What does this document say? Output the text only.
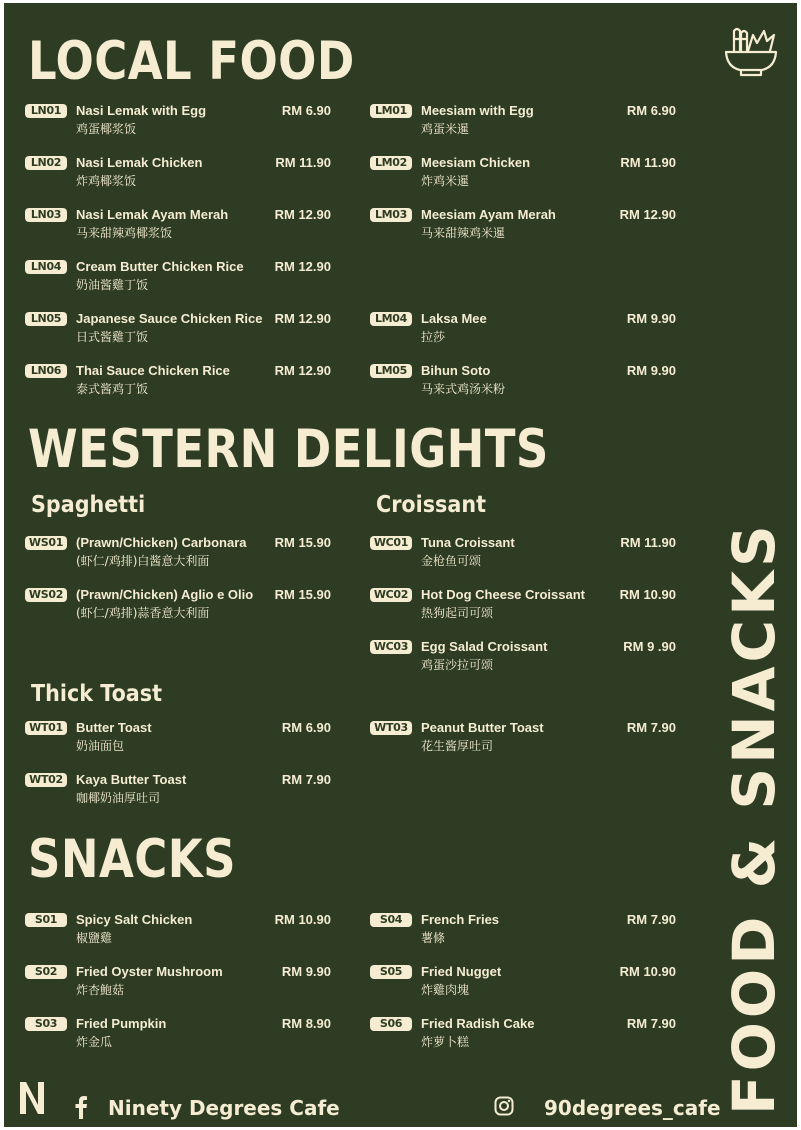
LOCAL FOOD
LN01	Nasi Lemak with Egg	RM 6.90
鸡蛋椰浆饭
LN02	Nasi Lemak Chicken	RM 11.90
炸鸡椰浆饭
LN03	Nasi Lemak Ayam Merah	RM 12.90
马来甜辣鸡椰浆饭
LN04	Cream Butter Chicken Rice RM 12.90
奶油酱雞丁饭
LN05	Japanese Sauce Chicken Rice RM 12.90
日式酱雞丁饭
LN06	Thai Sauce Chicken Rice	RM 12.90
泰式酱鸡丁饭
LM01	Meesiam with Egg	RM 6.90
鸡蛋米暹
LM02	Meesiam Chicken	RM 11.90
炸鸡米暹
LM03	Meesiam Ayam Merah	RM 12.90
马来甜辣鸡米暹
LM04	Laksa Mee	RM 9.90
拉莎
LM05	Bihun Soto	RM 9.90
马来式鸡汤米粉
WESTERN DELIGHTS
Spaghetti	Croissant
WS01 (Prawn/Chicken) Carbonara RM 15.90
(虾仁/鸡排)白酱意大利面
WS02 (Prawn/Chicken) Aglio e Olio RM 15.90
(虾仁/鸡排)蒜香意大利面
WC01 Tuna Croissant	RM 11.90
金枪鱼可颂
WC02 Hot Dog Cheese Croissant	RM 10.90
热狗起司可颂
WC03 Egg Salad Croissant	RM 9 .90
鸡蛋沙拉可颂
Thick Toast
WT01	Butter Toast	RM 6.90
奶油面包
WT02	Kaya Butter Toast	RM 7.90
咖椰奶油厚吐司
WT03	Peanut Butter Toast	RM 7.90
花生酱厚吐司
SNACKS
S01	Spicy Salt Chicken	RM 10.90
椒鹽雞
S02	Fried Oyster Mushroom	RM 9.90
炸杏鮑菇
S03	Fried Pumpkin	RM 8.90
炸金瓜
S04	French Fries	RM 7.90
薯條
S05	Fried Nugget	RM 10.90
炸雞肉塊
S06	Fried Radish Cake	RM 7.90
炸萝卜糕	FOOD & SNACKS
Ninety Degrees Cafe	90degrees_cafe
